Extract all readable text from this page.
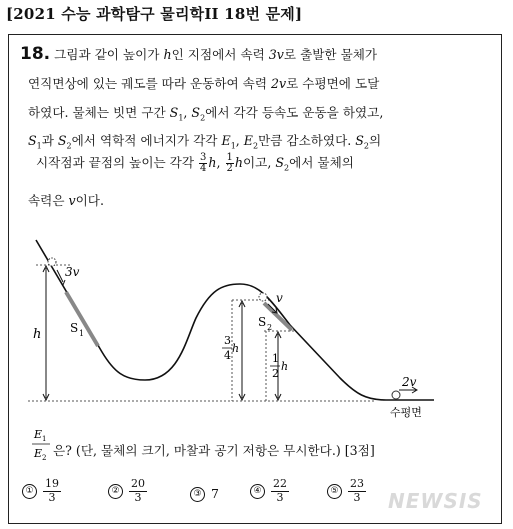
[2021 수능 과학탐구 물리학II 18번 문제]
18. 그림과 같이 높이가 h인 지점에서 속력 3v로 출발한 물체가
연직면상에 있는 궤도를 따라 운동하여 속력 2v로 수평면에 도달
하였다. 물체는 빗면 구간 $S_1$, $S_2$에서 각각 등속도 운동을 하였고,
$S_1$과 $S_2$에서 역학적 에너지가 각각 $E_1$, $E_2$만큼 감소하였다. $S_2$의
시작점과 끝점의 높이는 각각 $\frac{3}{4} h$, $\frac{1}{2}$ h이고, $S_2$에서 물체의
속력은 v이다.
3v
v
2v
h S 1
S 2
3
4
h
1
2
h
수평면
E 1
E 2 은? (단, 물체의 크기, 마찰과 공기 저항은 무시한다.) [3점]
① $\frac{19}{3}$	② $\frac{20}{3}$	③ 7	④ $\frac{22}{3}$	⑤ $\frac{23}{3}$ NEWSIS
